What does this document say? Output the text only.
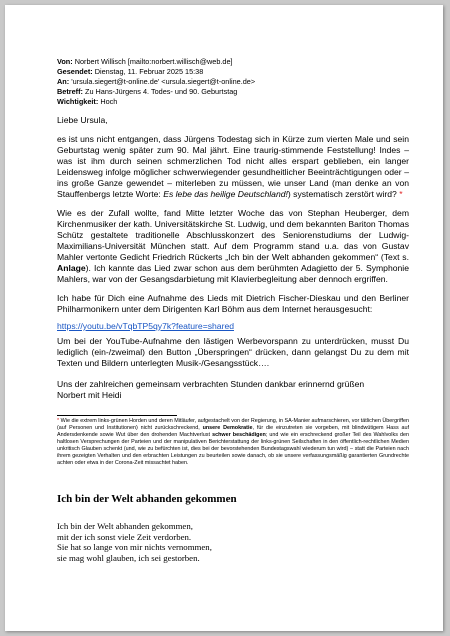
Von: Norbert Willisch [mailto:norbert.willisch@web.de]
Gesendet: Dienstag, 11. Februar 2025 15:38
An: 'ursula.siegert@t-online.de' <ursula.siegert@t-online.de>
Betreff: Zu Hans-Jürgens 4. Todes- und 90. Geburtstag
Wichtigkeit: Hoch
Liebe Ursula,
es ist uns nicht entgangen, dass Jürgens Todestag sich in Kürze zum vierten Male und sein Geburtstag wenig später zum 90. Mal jährt. Eine traurig-stimmende Feststellung! Indes – was ist ihm durch seinen schmerzlichen Tod nicht alles erspart geblieben, ein langer Leidensweg infolge möglicher schwerwiegender gesundheitlicher Beeinträchtigungen oder – ins große Ganze gewendet – miterleben zu müssen, wie unser Land (man denke an von Stauffenbergs letzte Worte: Es lebe das heilige Deutschland!) systematisch zerstört wird? *
Wie es der Zufall wollte, fand Mitte letzter Woche das von Stephan Heuberger, dem Kirchenmusiker der kath. Universitätskirche St. Ludwig, und dem bekannten Bariton Thomas Schütz gestaltete traditionelle Abschlusskonzert des Seniorenstudiums der Ludwig-Maximilians-Universität München statt. Auf dem Programm stand u.a. das von Gustav Mahler vertonte Gedicht Friedrich Rückerts „Ich bin der Welt abhanden gekommen“ (Text s. Anlage). Ich kannte das Lied zwar schon aus dem berühmten Adagietto der 5. Symphonie Mahlers, war von der Gesangsdarbietung mit Klavierbegleitung aber dennoch ergriffen.
Ich habe für Dich eine Aufnahme des Lieds mit Dietrich Fischer-Dieskau und den Berliner Philharmonikern unter dem Dirigenten Karl Böhm aus dem Internet herausgesucht:
https://youtu.be/vTqbTP5qy7k?feature=shared
Um bei der YouTube-Aufnahme den lästigen Werbevorspann zu unterdrücken, musst Du lediglich (ein-/zweimal) den Button „Überspringen“ drücken, dann gelangst Du zu dem mit Texten und Bildern unterlegten Musik-/Gesangsstück….
Uns der zahlreichen gemeinsam verbrachten Stunden dankbar erinnernd grüßen
Norbert mit Heidi
* Wie die extrem links-grünen Horden und deren Mitläufer, aufgestachelt von der Regierung, in SA-Manier aufmarschieren, vor tätlichen Übergriffen (auf Personen und Institutionen) nicht zurückschreckend, unsere Demokratie, für die einzutreten sie vorgeben, mit blindwütigem Hass auf Andersdenkende sowie Wut über den drohenden Machtverlust schwer beschädigen; und wie ein erschreckend großer Teil des Wahlvolks den haltlosen Versprechungen der Parteien und der manipulativen Berichterstattung der links-grünen Seilschaften in den öffentlich-rechtlichen Medien unkritisch Glauben schenkt (und, wie zu befürchten ist, dies bei der bevorstehenden Bundestagswahl wiederum tun wird) – statt die Parteien nach ihrem gezeigten Verhalten und den erbrachten Leistungen zu beurteilen sowie danach, ob sie unsere verfassungsmäßig garantierten Grundrechte achten oder etwa in der Corona-Zeit missachtet haben.
Ich bin der Welt abhanden gekommen
Ich bin der Welt abhanden gekommen,
mit der ich sonst viele Zeit verdorben.
Sie hat so lange von mir nichts vernommen,
sie mag wohl glauben, ich sei gestorben.
